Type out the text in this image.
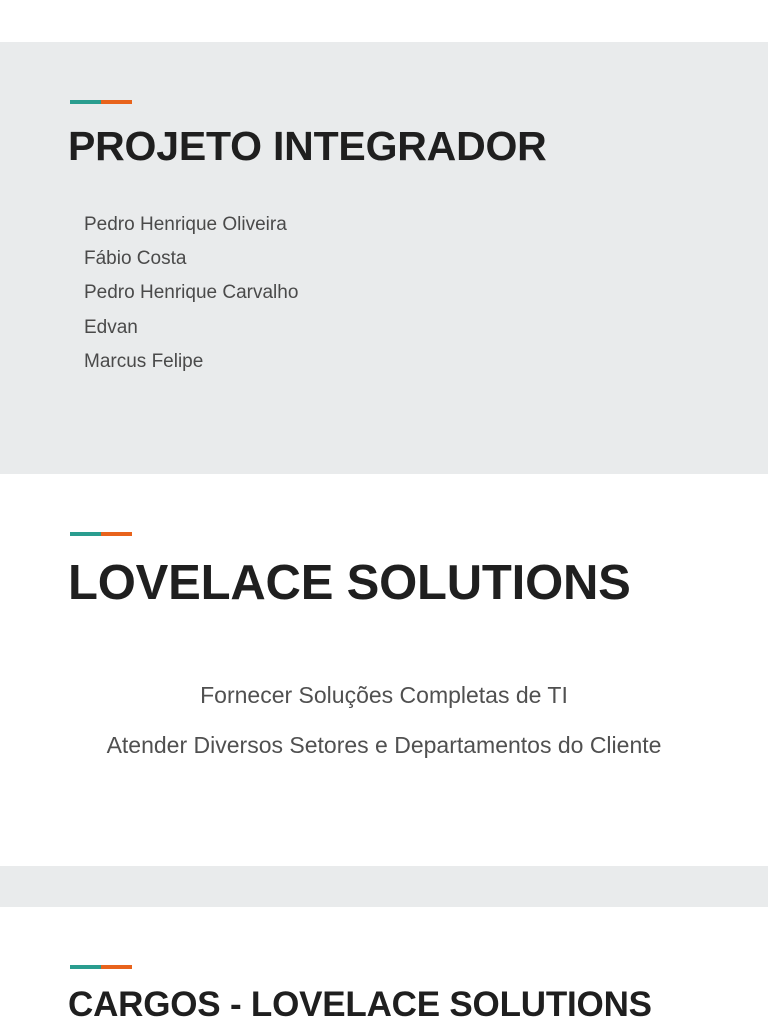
PROJETO INTEGRADOR
Pedro Henrique Oliveira
Fábio Costa
Pedro Henrique Carvalho
Edvan
Marcus Felipe
LOVELACE SOLUTIONS
Fornecer Soluções Completas de TI
Atender Diversos Setores e Departamentos do Cliente
CARGOS - LOVELACE SOLUTIONS
